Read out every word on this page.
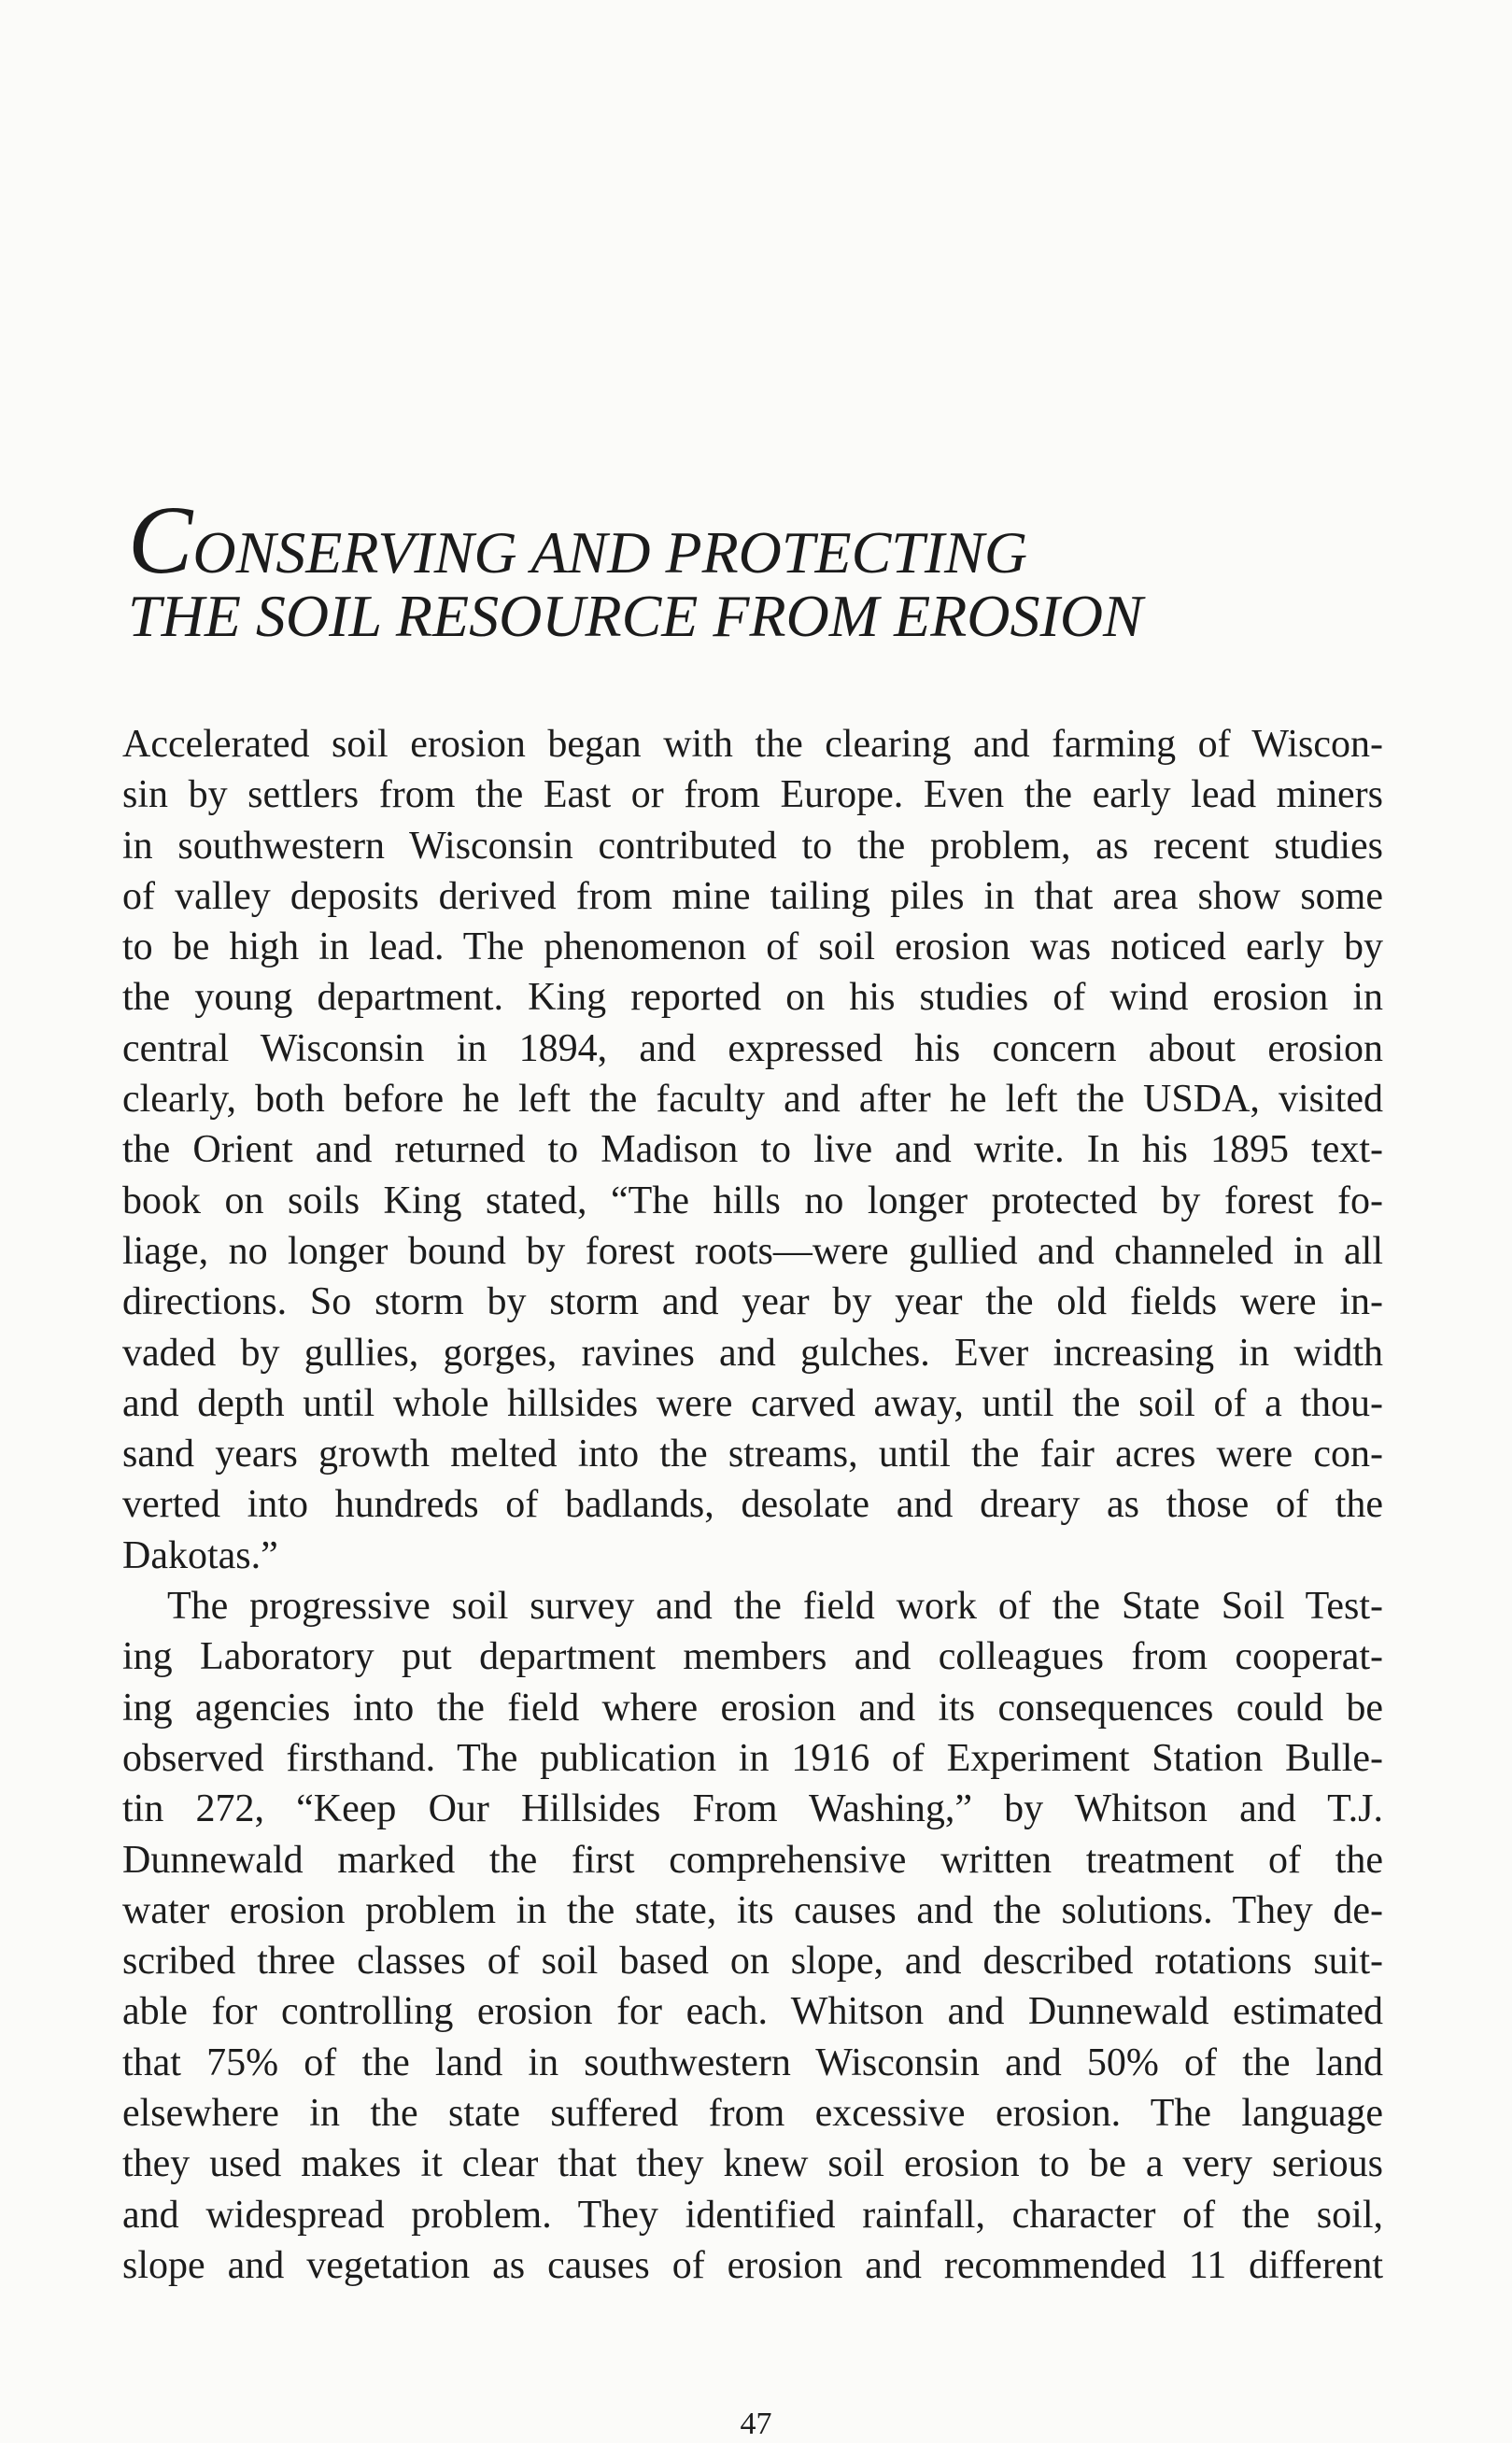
CONSERVING AND PROTECTING
THE SOIL RESOURCE FROM EROSION
Accelerated soil erosion began with the clearing and farming of Wiscon-
sin by settlers from the East or from Europe. Even the early lead miners
in southwestern Wisconsin contributed to the problem, as recent studies
of valley deposits derived from mine tailing piles in that area show some
to be high in lead. The phenomenon of soil erosion was noticed early by
the young department. King reported on his studies of wind erosion in
central Wisconsin in 1894, and expressed his concern about erosion
clearly, both before he left the faculty and after he left the USDA, visited
the Orient and returned to Madison to live and write. In his 1895 text-
book on soils King stated, “The hills no longer protected by forest fo-
liage, no longer bound by forest roots—were gullied and channeled in all
directions. So storm by storm and year by year the old fields were in-
vaded by gullies, gorges, ravines and gulches. Ever increasing in width
and depth until whole hillsides were carved away, until the soil of a thou-
sand years growth melted into the streams, until the fair acres were con-
verted into hundreds of badlands, desolate and dreary as those of the
Dakotas.”
The progressive soil survey and the field work of the State Soil Test-
ing Laboratory put department members and colleagues from cooperat-
ing agencies into the field where erosion and its consequences could be
observed firsthand. The publication in 1916 of Experiment Station Bulle-
tin 272, “Keep Our Hillsides From Washing,” by Whitson and T.J.
Dunnewald marked the first comprehensive written treatment of the
water erosion problem in the state, its causes and the solutions. They de-
scribed three classes of soil based on slope, and described rotations suit-
able for controlling erosion for each. Whitson and Dunnewald estimated
that 75% of the land in southwestern Wisconsin and 50% of the land
elsewhere in the state suffered from excessive erosion. The language
they used makes it clear that they knew soil erosion to be a very serious
and widespread problem. They identified rainfall, character of the soil,
slope and vegetation as causes of erosion and recommended 11 different
47
